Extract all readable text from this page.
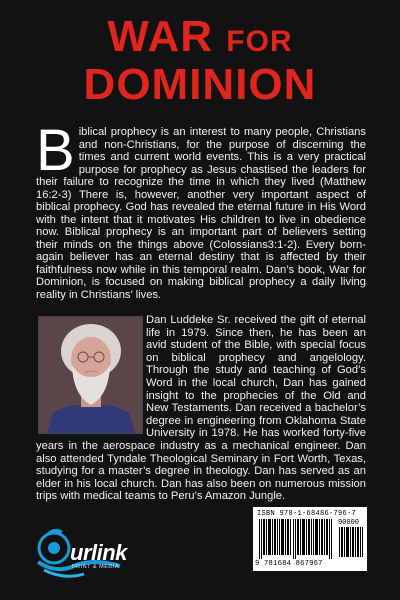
WAR FOR
DOMINION
Biblical prophecy is an interest to many people, Christians and non-Christians, for the purpose of discerning the times and current world events. This is a very practical purpose for prophecy as Jesus chastised the leaders for their failure to recognize the time in which they lived (Matthew 16:2-3) There is, however, another very important aspect of biblical prophecy. God has revealed the eternal future in His Word with the intent that it motivates His children to live in obedience now. Biblical prophecy is an important part of believers setting their minds on the things above (Colossians3:1-2). Every born-again believer has an eternal destiny that is affected by their faithfulness now while in this temporal realm. Dan’s book, War for Dominion, is focused on making biblical prophecy a daily living reality in Christians’ lives.
Dan Luddeke Sr. received the gift of eternal life in 1979. Since then, he has been an avid student of the Bible, with special focus on biblical prophecy and angelology. Through the study and teaching of God’s Word in the local church, Dan has gained insight to the prophecies of the Old and New Testaments. Dan received a bachelor’s degree in engineering from Oklahoma State University in 1978. He has worked forty-five years in the aerospace industry as a mechanical engineer. Dan also attended Tyndale Theological Seminary in Fort Worth, Texas, studying for a master’s degree in theology. Dan has served as an elder in his local church. Dan has also been on numerous mission trips with medical teams to Peru’s Amazon Jungle.
urlink
PRINT & MEDIA
ISBN 978-1-68486-796-7
90000
9 781684 867967
